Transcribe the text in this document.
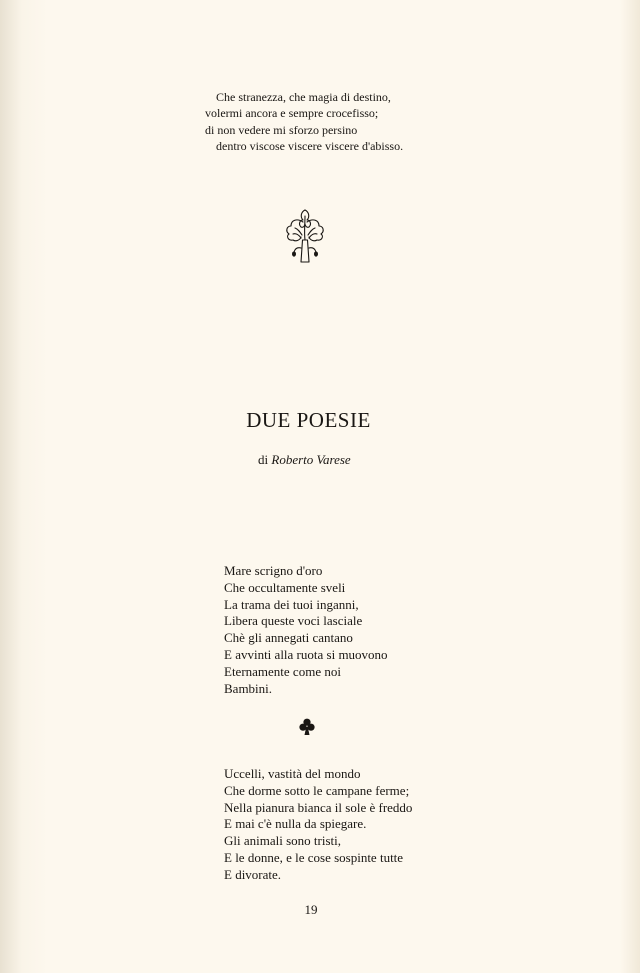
Che stranezza, che magia di destino,
volermi ancora e sempre crocefisso;
di non vedere mi sforzo persino
dentro viscose viscere viscere d'abisso.
DUE POESIE
di Roberto Varese
Mare scrigno d'oro
Che occultamente sveli
La trama dei tuoi inganni,
Libera queste voci lasciale
Chè gli annegati cantano
E avvinti alla ruota si muovono
Eternamente come noi
Bambini.
Uccelli, vastità del mondo
Che dorme sotto le campane ferme;
Nella pianura bianca il sole è freddo
E mai c'è nulla da spiegare.
Gli animali sono tristi,
E le donne, e le cose sospinte tutte
E divorate.
19
